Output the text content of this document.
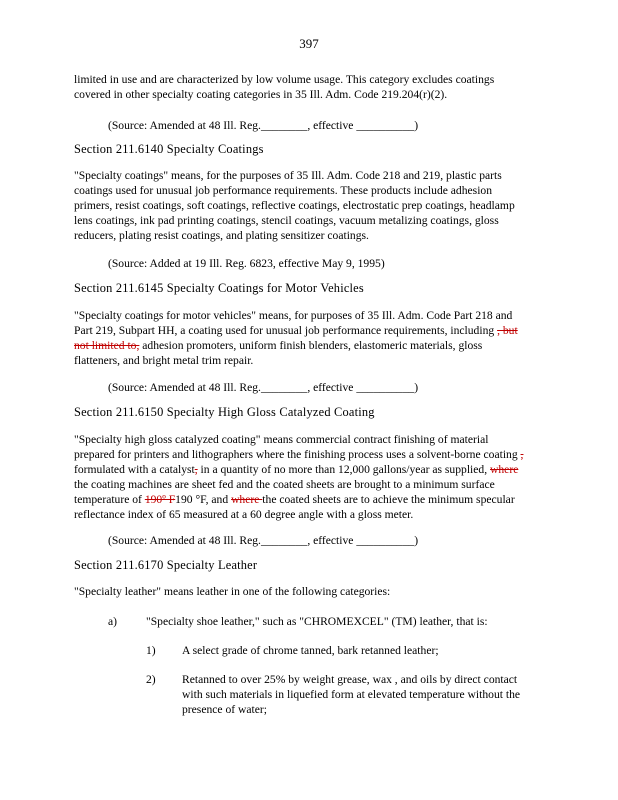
397
limited in use and are characterized by low volume usage. This category excludes coatings
covered in other specialty coating categories in 35 Ill. Adm. Code 219.204(r)(2).
(Source: Amended at 48 Ill. Reg.________, effective __________)
Section 211.6140 Specialty Coatings
"Specialty coatings" means, for the purposes of 35 Ill. Adm. Code 218 and 219, plastic parts
coatings used for unusual job performance requirements. These products include adhesion
primers, resist coatings, soft coatings, reflective coatings, electrostatic prep coatings, headlamp
lens coatings, ink pad printing coatings, stencil coatings, vacuum metalizing coatings, gloss
reducers, plating resist coatings, and plating sensitizer coatings.
(Source: Added at 19 Ill. Reg. 6823, effective May 9, 1995)
Section 211.6145 Specialty Coatings for Motor Vehicles
"Specialty coatings for motor vehicles" means, for purposes of 35 Ill. Adm. Code Part 218 and
Part 219, Subpart HH, a coating used for unusual job performance requirements, including , but
not limited to, adhesion promoters, uniform finish blenders, elastomeric materials, gloss
flatteners, and bright metal trim repair.
(Source: Amended at 48 Ill. Reg.________, effective __________)
Section 211.6150 Specialty High Gloss Catalyzed Coating
"Specialty high gloss catalyzed coating" means commercial contract finishing of material
prepared for printers and lithographers where the finishing process uses a solvent-borne coating ,
formulated with a catalyst, in a quantity of no more than 12,000 gallons/year as supplied, where
the coating machines are sheet fed and the coated sheets are brought to a minimum surface
temperature of 190º F190 °F, and where the coated sheets are to achieve the minimum specular
reflectance index of 65 measured at a 60 degree angle with a gloss meter.
(Source: Amended at 48 Ill. Reg.________, effective __________)
Section 211.6170 Specialty Leather
"Specialty leather" means leather in one of the following categories:
a) "Specialty shoe leather," such as "CHROMEXCEL" (TM) leather, that is:
1) A select grade of chrome tanned, bark retanned leather;
2) Retanned to over 25% by weight grease, wax , and oils by direct contact
with such materials in liquefied form at elevated temperature without the
presence of water;
